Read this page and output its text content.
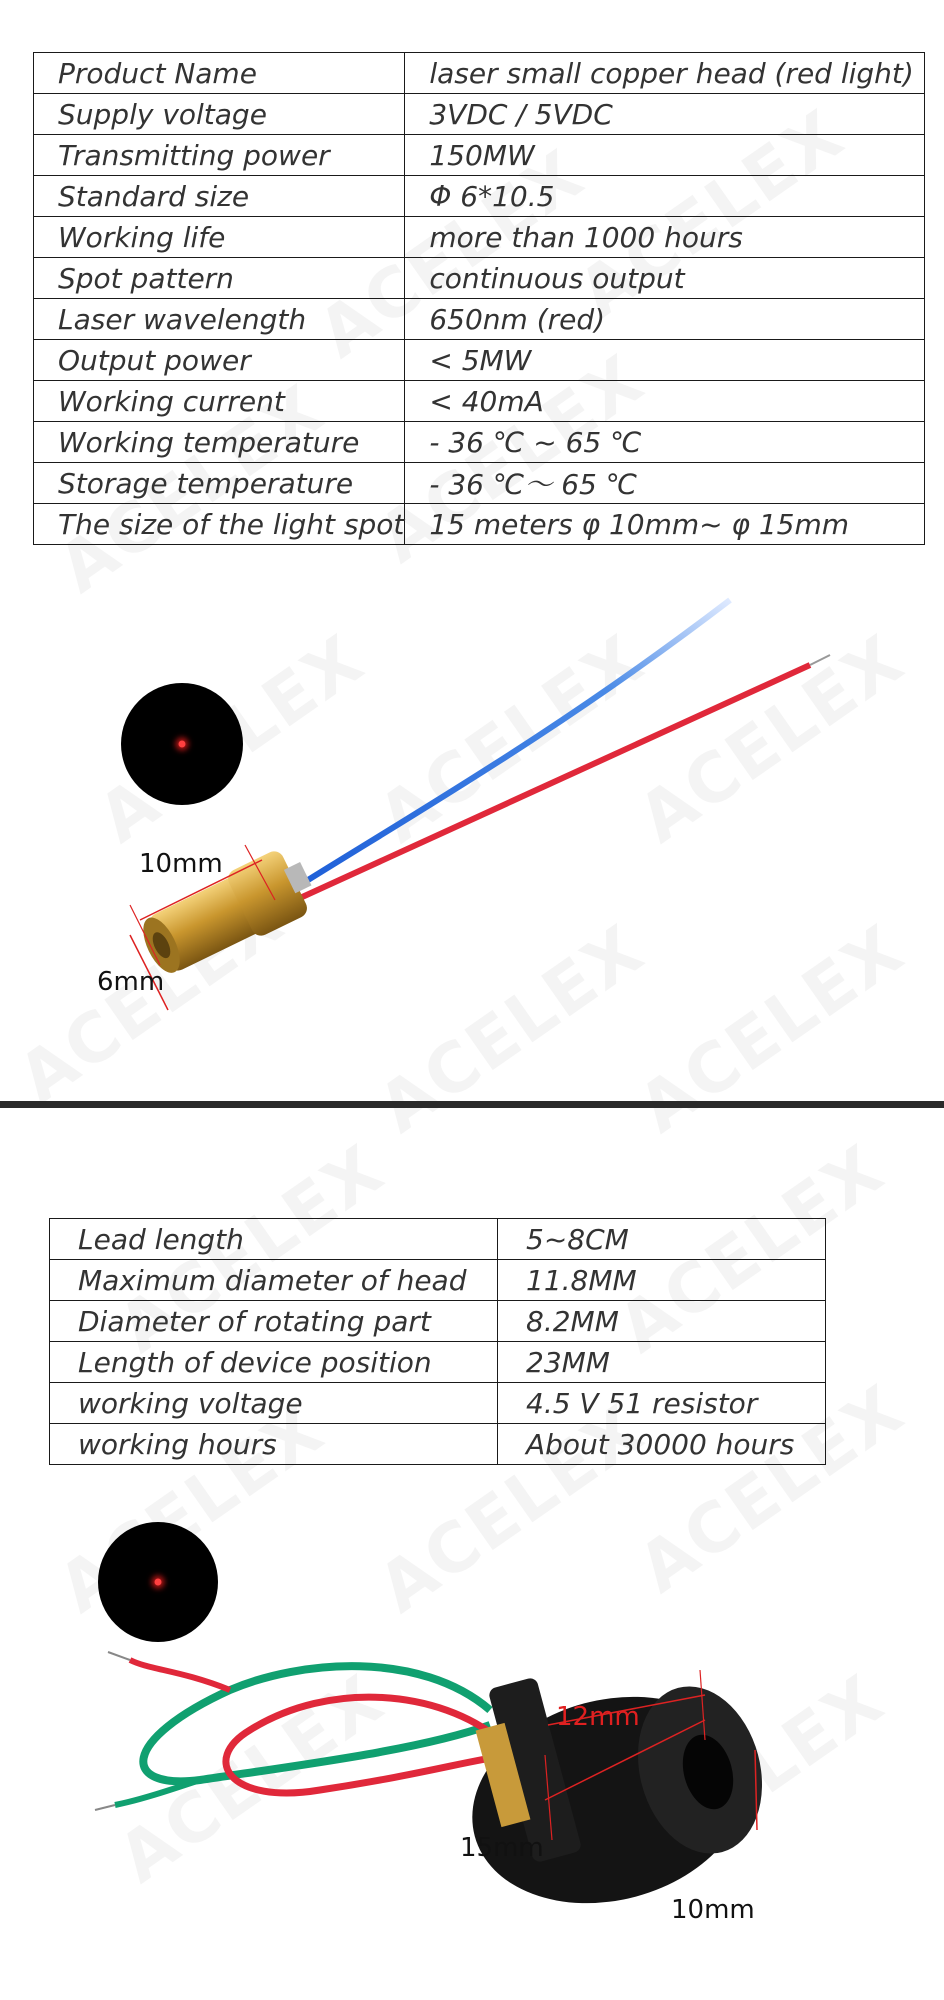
Product Name	laser small copper head (red light)
Supply voltage	3VDC / 5VDC
Transmitting power	150MW
Standard size	Φ 6*10.5
Working life	more than 1000 hours
Spot pattern	continuous output
Laser wavelength	650nm (red)
Output power	< 5MW
Working current	< 40mA
Working temperature	- 36 ℃ ~ 65 ℃
Storage temperature	- 36 ℃～ 65 ℃
The size of the light spot	15 meters φ 10mm~ φ 15mm
10mm
6mm
Lead length	5~8CM
Maximum diameter of head	11.8MM
Diameter of rotating part	8.2MM
Length of device position	23MM
working voltage	4.5 V 51 resistor
working hours	About 30000 hours
12mm
15mm
10mm
